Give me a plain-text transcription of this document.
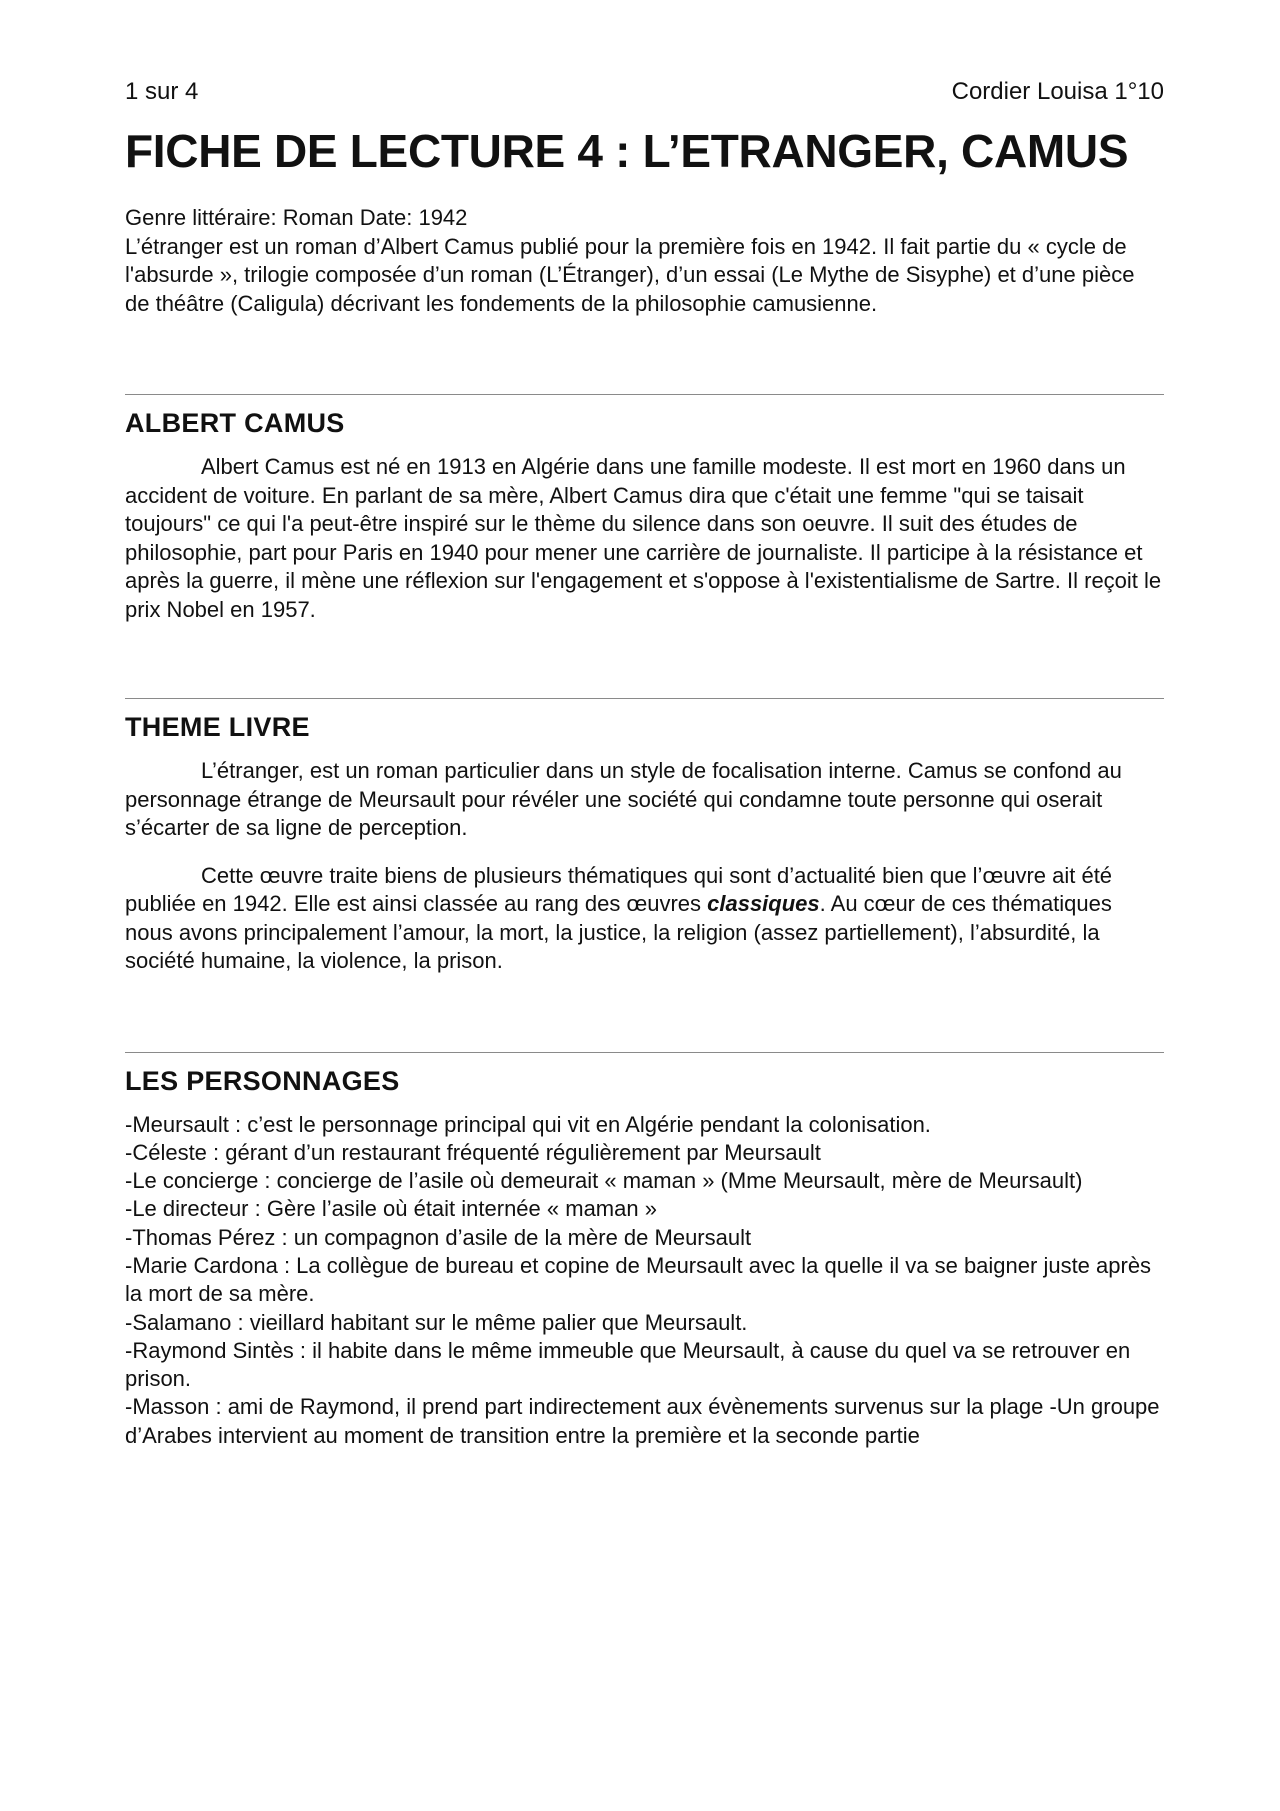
1 sur 4	Cordier Louisa 1°10
FICHE DE LECTURE 4 : L’ETRANGER, CAMUS

Genre littéraire: Roman Date: 1942

L’étranger est un roman d’Albert Camus publié pour la première fois en 1942. Il fait partie du « cycle de l'absurde », trilogie composée d’un roman (L’Étranger), d’un essai (Le Mythe de Sisyphe) et d’une pièce de théâtre (Caligula) décrivant les fondements de la philosophie camusienne.

ALBERT CAMUS

Albert Camus est né en 1913 en Algérie dans une famille modeste. Il est mort en 1960 dans un accident de voiture. En parlant de sa mère, Albert Camus dira que c'était une femme "qui se taisait toujours" ce qui l'a peut-être inspiré sur le thème du silence dans son oeuvre. Il suit des études de philosophie, part pour Paris en 1940 pour mener une carrière de journaliste. Il participe à la résistance et après la guerre, il mène une réflexion sur l'engagement et s'oppose à l'existentialisme de Sartre. Il reçoit le prix Nobel en 1957.

THEME LIVRE

L’étranger, est un roman particulier dans un style de focalisation interne. Camus se confond au personnage étrange de Meursault pour révéler une société qui condamne toute personne qui oserait s’écarter de sa ligne de perception.

Cette œuvre traite biens de plusieurs thématiques qui sont d’actualité bien que l’œuvre ait été publiée en 1942. Elle est ainsi classée au rang des œuvres classiques. Au cœur de ces thématiques nous avons principalement l’amour, la mort, la justice, la religion (assez partiellement), l’absurdité, la société humaine, la violence, la prison.

LES PERSONNAGES
-Meursault : c’est le personnage principal qui vit en Algérie pendant la colonisation.
-Céleste : gérant d’un restaurant fréquenté régulièrement par Meursault
-Le concierge : concierge de l’asile où demeurait « maman » (Mme Meursault, mère de Meursault)
-Le directeur : Gère l’asile où était internée « maman »
-Thomas Pérez : un compagnon d’asile de la mère de Meursault
-Marie Cardona : La collègue de bureau et copine de Meursault avec la quelle il va se baigner juste après la mort de sa mère.
-Salamano : vieillard habitant sur le même palier que Meursault.
-Raymond Sintès : il habite dans le même immeuble que Meursault, à cause du quel va se retrouver en prison.
-Masson : ami de Raymond, il prend part indirectement aux évènements survenus sur la plage -Un groupe d’Arabes intervient au moment de transition entre la première et la seconde partie
